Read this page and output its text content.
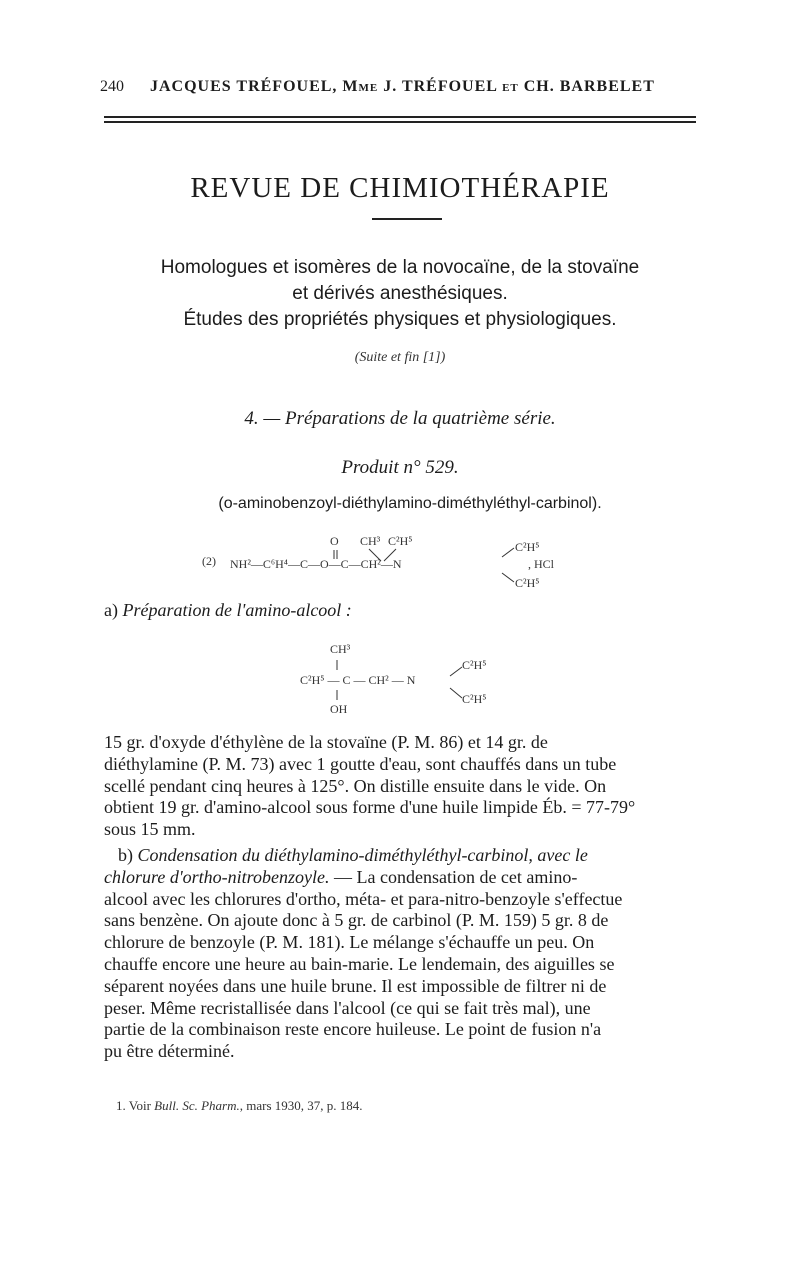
240 JACQUES TRÉFOUEL, Mme J. TRÉFOUEL et CH. BARBELET
REVUE DE CHIMIOTHÉRAPIE
Homologues et isomères de la novocaïne, de la stovaïne
et dérivés anesthésiques.
Études des propriétés physiques et physiologiques.
(Suite et fin [1])
4. — Préparations de la quatrième série.
Produit n° 529.
(o-aminobenzoyl-diéthylamino-diméthyléthyl-carbinol).
(2)
O CH³ C²H⁵
NH²—C⁶H⁴—C—O—C—CH²—N
C²H⁵
C²H⁵
, HCl
a) Préparation de l'amino-alcool :
CH³
C²H⁵ — C — CH² — N
C²H⁵
C²H⁵
OH
15 gr. d'oxyde d'éthylène de la stovaïne (P. M. 86) et 14 gr. de
diéthylamine (P. M. 73) avec 1 goutte d'eau, sont chauffés dans un tube
scellé pendant cinq heures à 125°. On distille ensuite dans le vide. On
obtient 19 gr. d'amino-alcool sous forme d'une huile limpide Éb. = 77-79°
sous 15 mm.
b) Condensation du diéthylamino-diméthyléthyl-carbinol, avec le
chlorure d'ortho-nitrobenzoyle. — La condensation de cet amino-
alcool avec les chlorures d'ortho, méta- et para-nitro-benzoyle s'effectue
sans benzène. On ajoute donc à 5 gr. de carbinol (P. M. 159) 5 gr. 8 de
chlorure de benzoyle (P. M. 181). Le mélange s'échauffe un peu. On
chauffe encore une heure au bain-marie. Le lendemain, des aiguilles se
séparent noyées dans une huile brune. Il est impossible de filtrer ni de
peser. Même recristallisée dans l'alcool (ce qui se fait très mal), une
partie de la combinaison reste encore huileuse. Le point de fusion n'a
pu être déterminé.
1. Voir Bull. Sc. Pharm., mars 1930, 37, p. 184.
